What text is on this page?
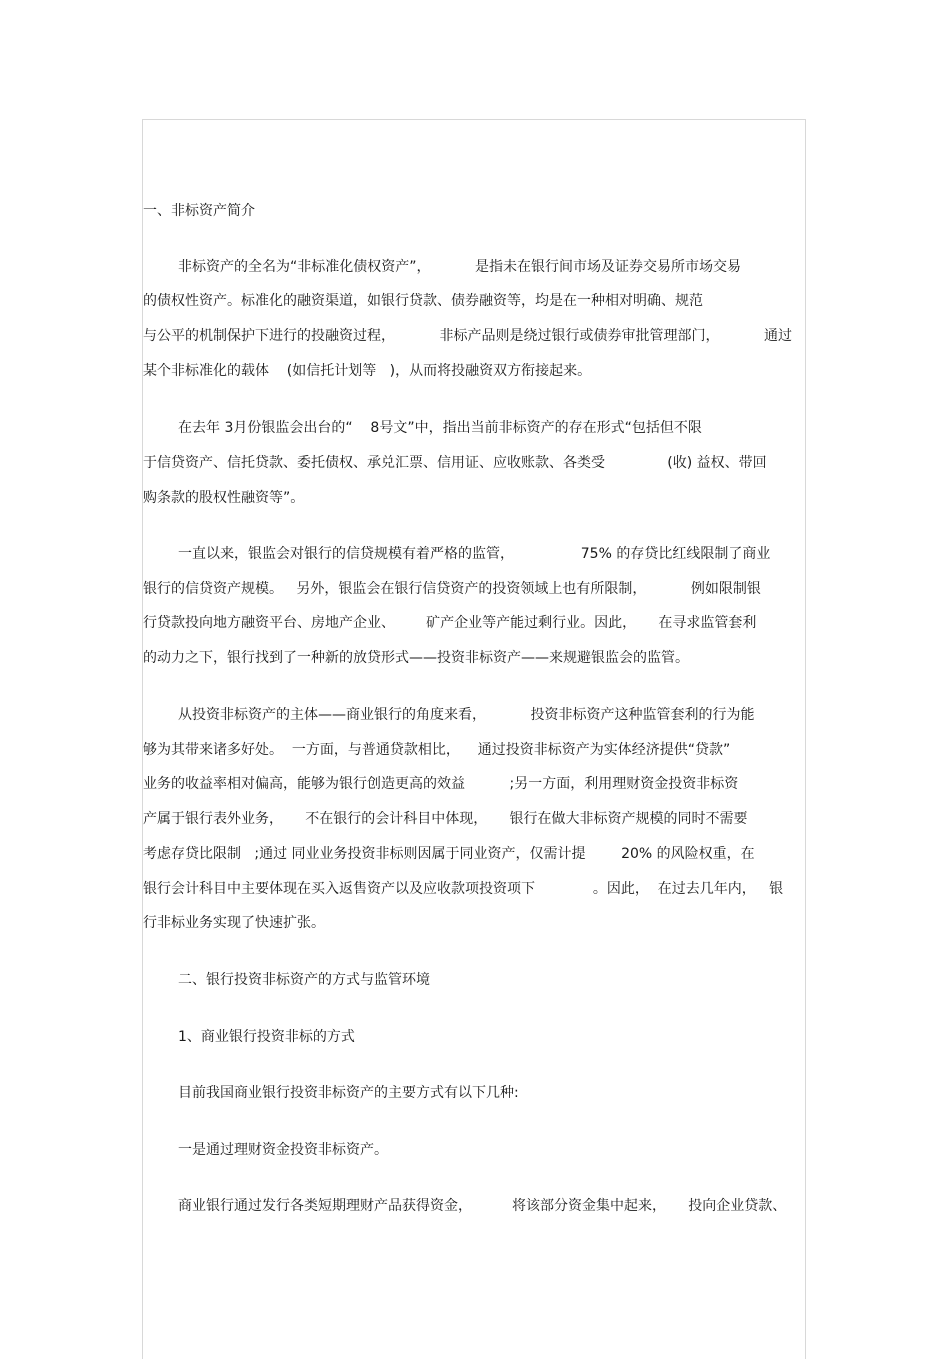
一、非标资产简介
非标资产的全名为“非标准化债权资产”，          是指未在银行间市场及证券交易所市场交易
的债权性资产。标准化的融资渠道，如银行贷款、债券融资等，均是在一种相对明确、规范
与公平的机制保护下进行的投融资过程，          非标产品则是绕过银行或债券审批管理部门，          通过
某个非标准化的载体    (如信托计划等   )，从而将投融资双方衔接起来。
在去年 3月份银监会出台的“    8号文”中，指出当前非标资产的存在形式“包括但不限
于信贷资产、信托贷款、委托债权、承兑汇票、信用证、应收账款、各类受              (收) 益权、带回
购条款的股权性融资等”。
一直以来，银监会对银行的信贷规模有着严格的监管，               75% 的存贷比红线限制了商业
银行的信贷资产规模。   另外，银监会在银行信贷资产的投资领域上也有所限制，          例如限制银
行贷款投向地方融资平台、房地产企业、       矿产企业等产能过剩行业。因此，     在寻求监管套利
的动力之下，银行找到了一种新的放贷形式——投资非标资产——来规避银监会的监管。
从投资非标资产的主体——商业银行的角度来看，          投资非标资产这种监管套利的行为能
够为其带来诸多好处。  一方面，与普通贷款相比，    通过投资非标资产为实体经济提供“贷款”
业务的收益率相对偏高，能够为银行创造更高的效益          ;另一方面，利用理财资金投资非标资
产属于银行表外业务，     不在银行的会计科目中体现，     银行在做大非标资产规模的同时不需要
考虑存贷比限制   ;通过 同业业务投资非标则因属于同业资产，仅需计提        20% 的风险权重，在
银行会计科目中主要体现在买入返售资产以及应收款项投资项下             。因此，  在过去几年内，   银
行非标业务实现了快速扩张。
二、银行投资非标资产的方式与监管环境
1、商业银行投资非标的方式
目前我国商业银行投资非标资产的主要方式有以下几种:
一是通过理财资金投资非标资产。
商业银行通过发行各类短期理财产品获得资金，         将该部分资金集中起来，     投向企业贷款、
